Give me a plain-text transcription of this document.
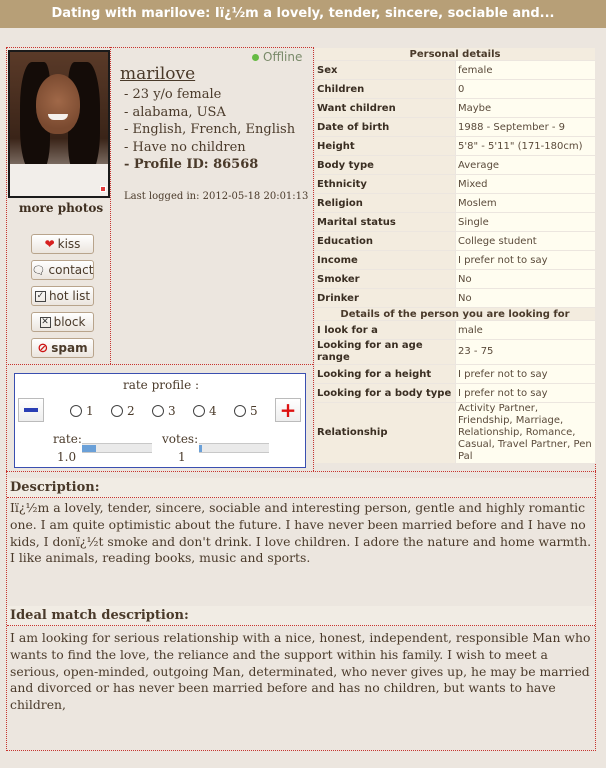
Dating with marilove: Iï¿½m a lovely, tender, sincere, sociable and...
more photos
❤ kiss
🗨 contact
✓ hot list
✕ block
⊘ spam
Offline
marilove
- 23 y/o female
- alabama, USA
- English, French, English
- Have no children
- Profile ID: 86568
Last logged in: 2012-05-18 20:01:13
rate profile :
1	2	3	4	5 +
rate:
1.0
votes:
1
Personal details	
Sex	female
Children	0
Want children	Maybe
Date of birth	1988 - September - 9
Height	5'8" - 5'11" (171-180cm)
Body type	Average
Ethnicity	Mixed
Religion	Moslem
Marital status	Single
Education	College student
Income	I prefer not to say
Smoker	No
Drinker	No
Details of the person you are looking for	
I look for a	male
Looking for an age range	23 - 75
Looking for a height	I prefer not to say
Looking for a body type	I prefer not to say
Relationship	Activity Partner, Friendship, Marriage, Relationship, Romance, Casual, Travel Partner, Pen Pal
Description:
Iï¿½m a lovely, tender, sincere, sociable and interesting person, gentle and highly romantic one. I am quite optimistic about the future. I have never been married before and I have no kids, I donï¿½t smoke and don't drink. I love children. I adore the nature and home warmth. I like animals, reading books, music and sports.
Ideal match description:
I am looking for serious relationship with a nice, honest, independent, responsible Man who wants to find the love, the reliance and the support within his family. I wish to meet a serious, open-minded, outgoing Man, determinated, who never gives up, he may be married and divorced or has never been married before and has no children, but wants to have children,
